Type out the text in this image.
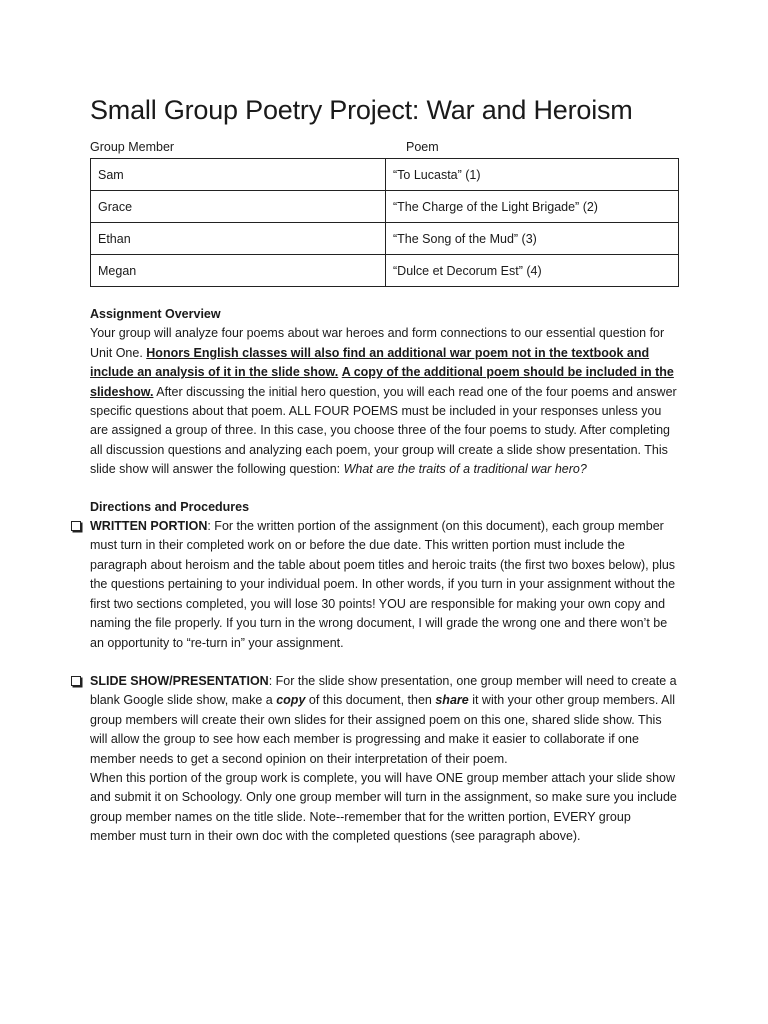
Small Group Poetry Project: War and Heroism
Group Member	Poem
Sam	“To Lucasta” (1)
Grace	“The Charge of the Light Brigade” (2)
Ethan	“The Song of the Mud” (3)
Megan	“Dulce et Decorum Est” (4)
Assignment Overview

Your group will analyze four poems about war heroes and form connections to our essential question for Unit One. Honors English classes will also find an additional war poem not in the textbook and include an analysis of it in the slide show. A copy of the additional poem should be included in the slideshow. After discussing the initial hero question, you will each read one of the four poems and answer specific questions about that poem. ALL FOUR POEMS must be included in your responses unless you are assigned a group of three. In this case, you choose three of the four poems to study. After completing all discussion questions and analyzing each poem, your group will create a slide show presentation. This slide show will answer the following question: What are the traits of a traditional war hero?

Directions and Procedures

WRITTEN PORTION: For the written portion of the assignment (on this document), each group member must turn in their completed work on or before the due date. This written portion must include the paragraph about heroism and the table about poem titles and heroic traits (the first two boxes below), plus the questions pertaining to your individual poem. In other words, if you turn in your assignment without the first two sections completed, you will lose 30 points! YOU are responsible for making your own copy and naming the file properly. If you turn in the wrong document, I will grade the wrong one and there won’t be an opportunity to “re-turn in” your assignment.

SLIDE SHOW/PRESENTATION: For the slide show presentation, one group member will need to create a blank Google slide show, make a copy of this document, then share it with your other group members. All group members will create their own slides for their assigned poem on this one, shared slide show. This will allow the group to see how each member is progressing and make it easier to collaborate if one member needs to get a second opinion on their interpretation of their poem.

When this portion of the group work is complete, you will have ONE group member attach your slide show and submit it on Schoology. Only one group member will turn in the assignment, so make sure you include group member names on the title slide. Note--remember that for the written portion, EVERY group member must turn in their own doc with the completed questions (see paragraph above).
